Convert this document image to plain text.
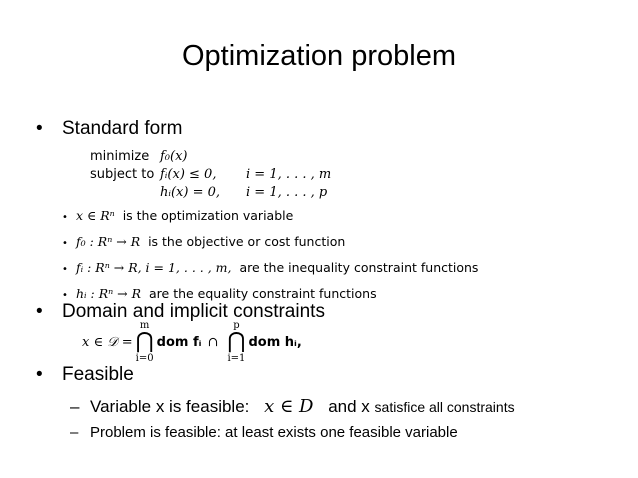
Optimization problem
• Standard form
minimize f₀(x)
subject to fᵢ(x) ≤ 0,	i = 1, . . . , m
hᵢ(x) = 0,	i = 1, . . . , p
• x ∈ Rⁿ is the optimization variable
• f₀ : Rⁿ → R is the objective or cost function
• fᵢ : Rⁿ → R, i = 1, . . . , m, are the inequality constraint functions
• hᵢ : Rⁿ → R are the equality constraint functions
• Domain and implicit constraints
x ∈ 𝒟 =
m
⋂
i=0
dom fᵢ ∩
p
⋂
i=1
dom hᵢ,
• Feasible
– Variable x is feasible: x ∈ D and x satisfice all constraints
– Problem is feasible: at least exists one feasible variable
